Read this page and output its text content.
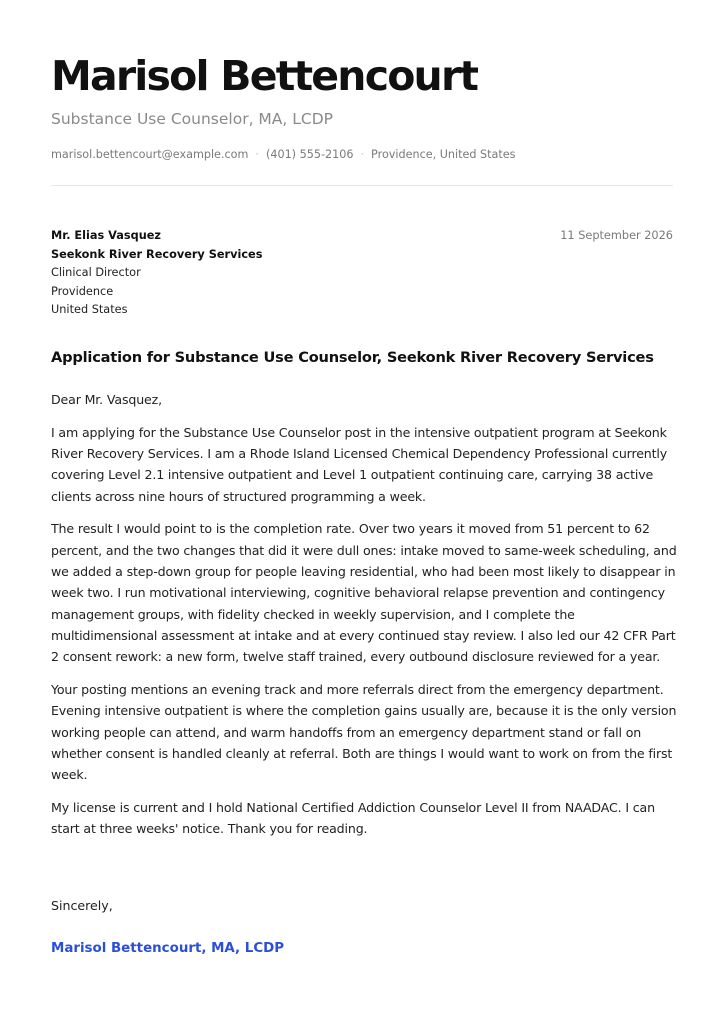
Marisol Bettencourt
Substance Use Counselor, MA, LCDP
marisol.bettencourt@example.com · (401) 555-2106 · Providence, United States
Mr. Elias Vasquez
Seekonk River Recovery Services
Clinical Director
Providence
United States
11 September 2026
Application for Substance Use Counselor, Seekonk River Recovery Services

Dear Mr. Vasquez,

I am applying for the Substance Use Counselor post in the intensive outpatient program at Seekonk River Recovery Services. I am a Rhode Island Licensed Chemical Dependency Professional currently covering Level 2.1 intensive outpatient and Level 1 outpatient continuing care, carrying 38 active clients across nine hours of structured programming a week.

The result I would point to is the completion rate. Over two years it moved from 51 percent to 62 percent, and the two changes that did it were dull ones: intake moved to same-week scheduling, and we added a step-down group for people leaving residential, who had been most likely to disappear in week two. I run motivational interviewing, cognitive behavioral relapse prevention and contingency management groups, with fidelity checked in weekly supervision, and I complete the multidimensional assessment at intake and at every continued stay review. I also led our 42 CFR Part 2 consent rework: a new form, twelve staff trained, every outbound disclosure reviewed for a year.

Your posting mentions an evening track and more referrals direct from the emergency department. Evening intensive outpatient is where the completion gains usually are, because it is the only version working people can attend, and warm handoffs from an emergency department stand or fall on whether consent is handled cleanly at referral. Both are things I would want to work on from the first week.

My license is current and I hold National Certified Addiction Counselor Level II from NAADAC. I can start at three weeks' notice. Thank you for reading.

Sincerely,
Marisol Bettencourt, MA, LCDP
